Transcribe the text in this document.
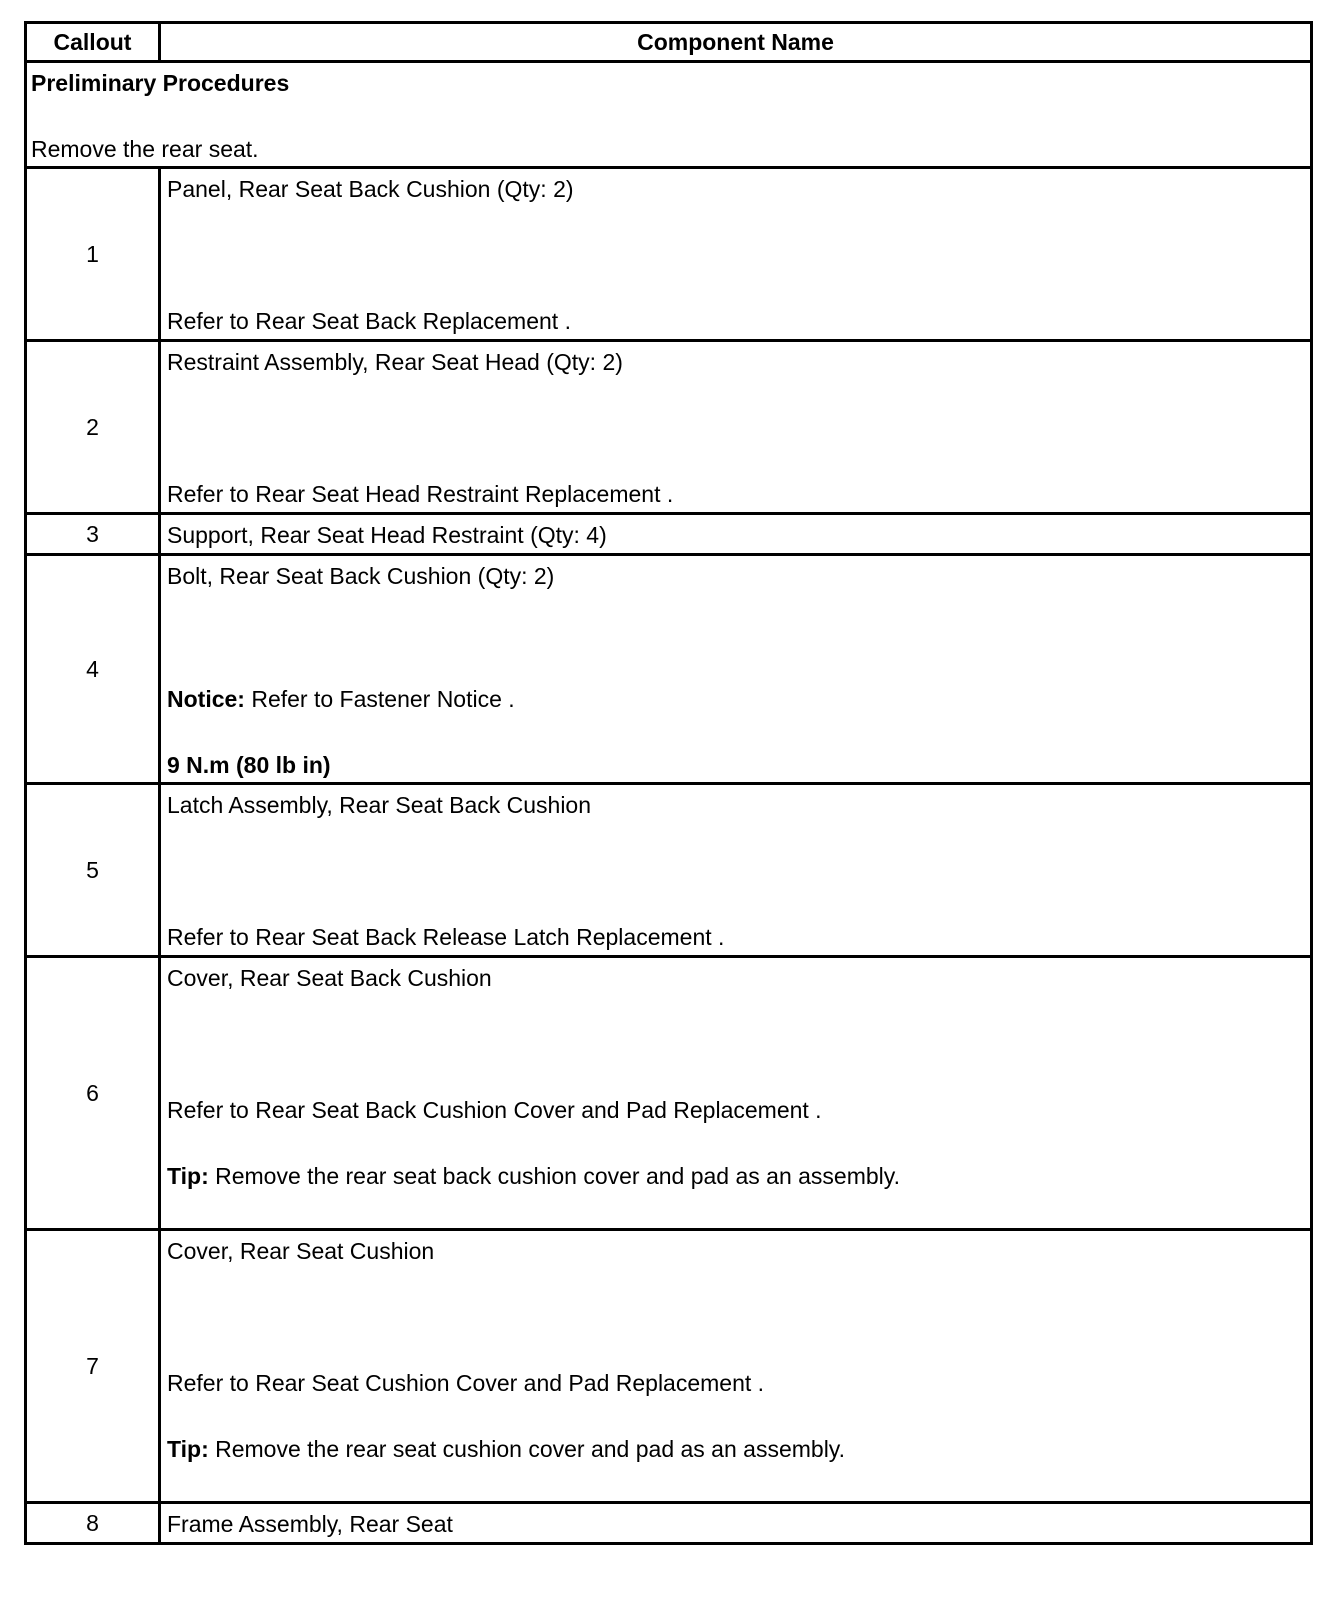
Callout	Component Name

Preliminary Procedures
Remove the rear seat.	

1	Panel, Rear Seat Back Cushion (Qty: 2)
Refer to Rear Seat Back Replacement .

2	Restraint Assembly, Rear Seat Head (Qty: 2)
Refer to Rear Seat Head Restraint Replacement .

3	Support, Rear Seat Head Restraint (Qty: 4)

4	Bolt, Rear Seat Back Cushion (Qty: 2)
Notice: Refer to Fastener Notice .
9 N.m (80 lb in)

5	Latch Assembly, Rear Seat Back Cushion
Refer to Rear Seat Back Release Latch Replacement .

6	Cover, Rear Seat Back Cushion
Refer to Rear Seat Back Cushion Cover and Pad Replacement .
Tip: Remove the rear seat back cushion cover and pad as an assembly.

7	Cover, Rear Seat Cushion
Refer to Rear Seat Cushion Cover and Pad Replacement .
Tip: Remove the rear seat cushion cover and pad as an assembly.

8	Frame Assembly, Rear Seat
